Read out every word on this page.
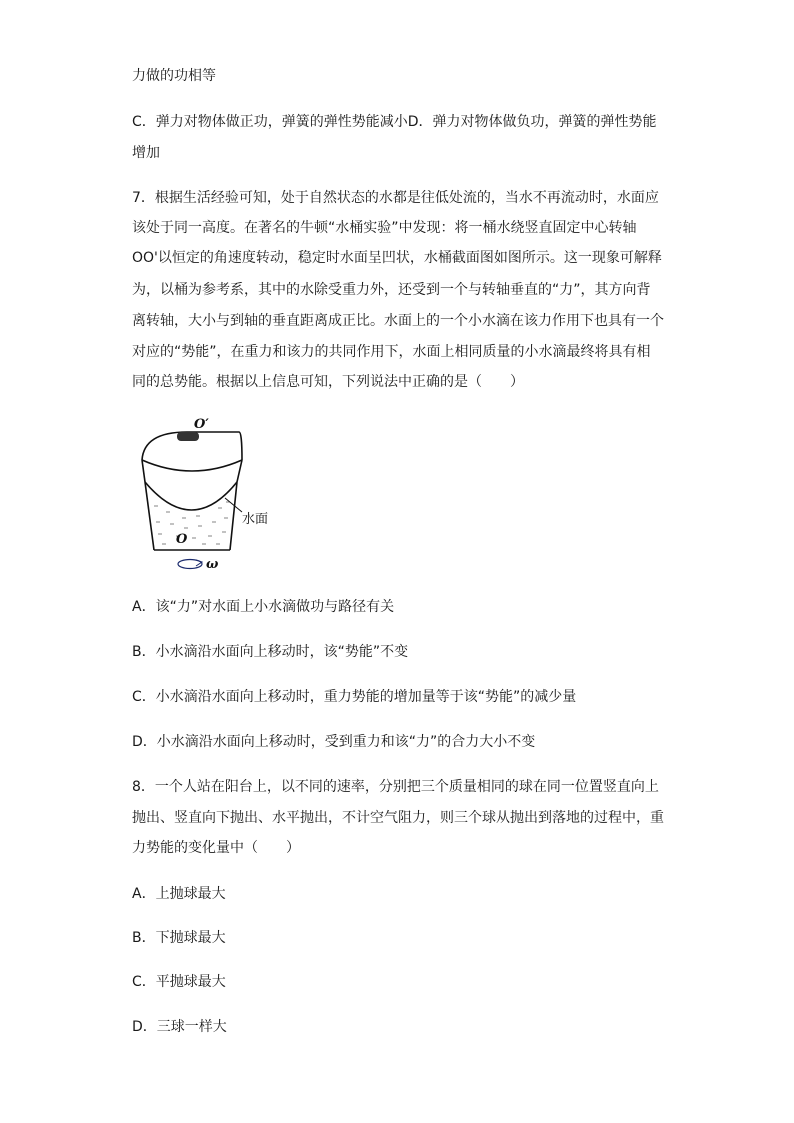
力做的功相等
C．弹力对物体做正功，弹簧的弹性势能减小D．弹力对物体做负功，弹簧的弹性势能
增加
7．根据生活经验可知，处于自然状态的水都是往低处流的，当水不再流动时，水面应
该处于同一高度。在著名的牛顿“水桶实验”中发现：将一桶水绕竖直固定中心转轴
OO'以恒定的角速度转动，稳定时水面呈凹状，水桶截面图如图所示。这一现象可解释
为，以桶为参考系，其中的水除受重力外，还受到一个与转轴垂直的“力”，其方向背
离转轴，大小与到轴的垂直距离成正比。水面上的一个小水滴在该力作用下也具有一个
对应的“势能”，在重力和该力的共同作用下，水面上相同质量的小水滴最终将具有相
同的总势能。根据以上信息可知，下列说法中正确的是（　　）
O′
O
ω
水面
A．该“力”对水面上小水滴做功与路径有关
B．小水滴沿水面向上移动时，该“势能”不变
C．小水滴沿水面向上移动时，重力势能的增加量等于该“势能”的减少量
D．小水滴沿水面向上移动时，受到重力和该“力”的合力大小不变
8．一个人站在阳台上，以不同的速率，分别把三个质量相同的球在同一位置竖直向上
抛出、竖直向下抛出、水平抛出，不计空气阻力，则三个球从抛出到落地的过程中，重
力势能的变化量中（　　）
A．上抛球最大
B．下抛球最大
C．平抛球最大
D．三球一样大
